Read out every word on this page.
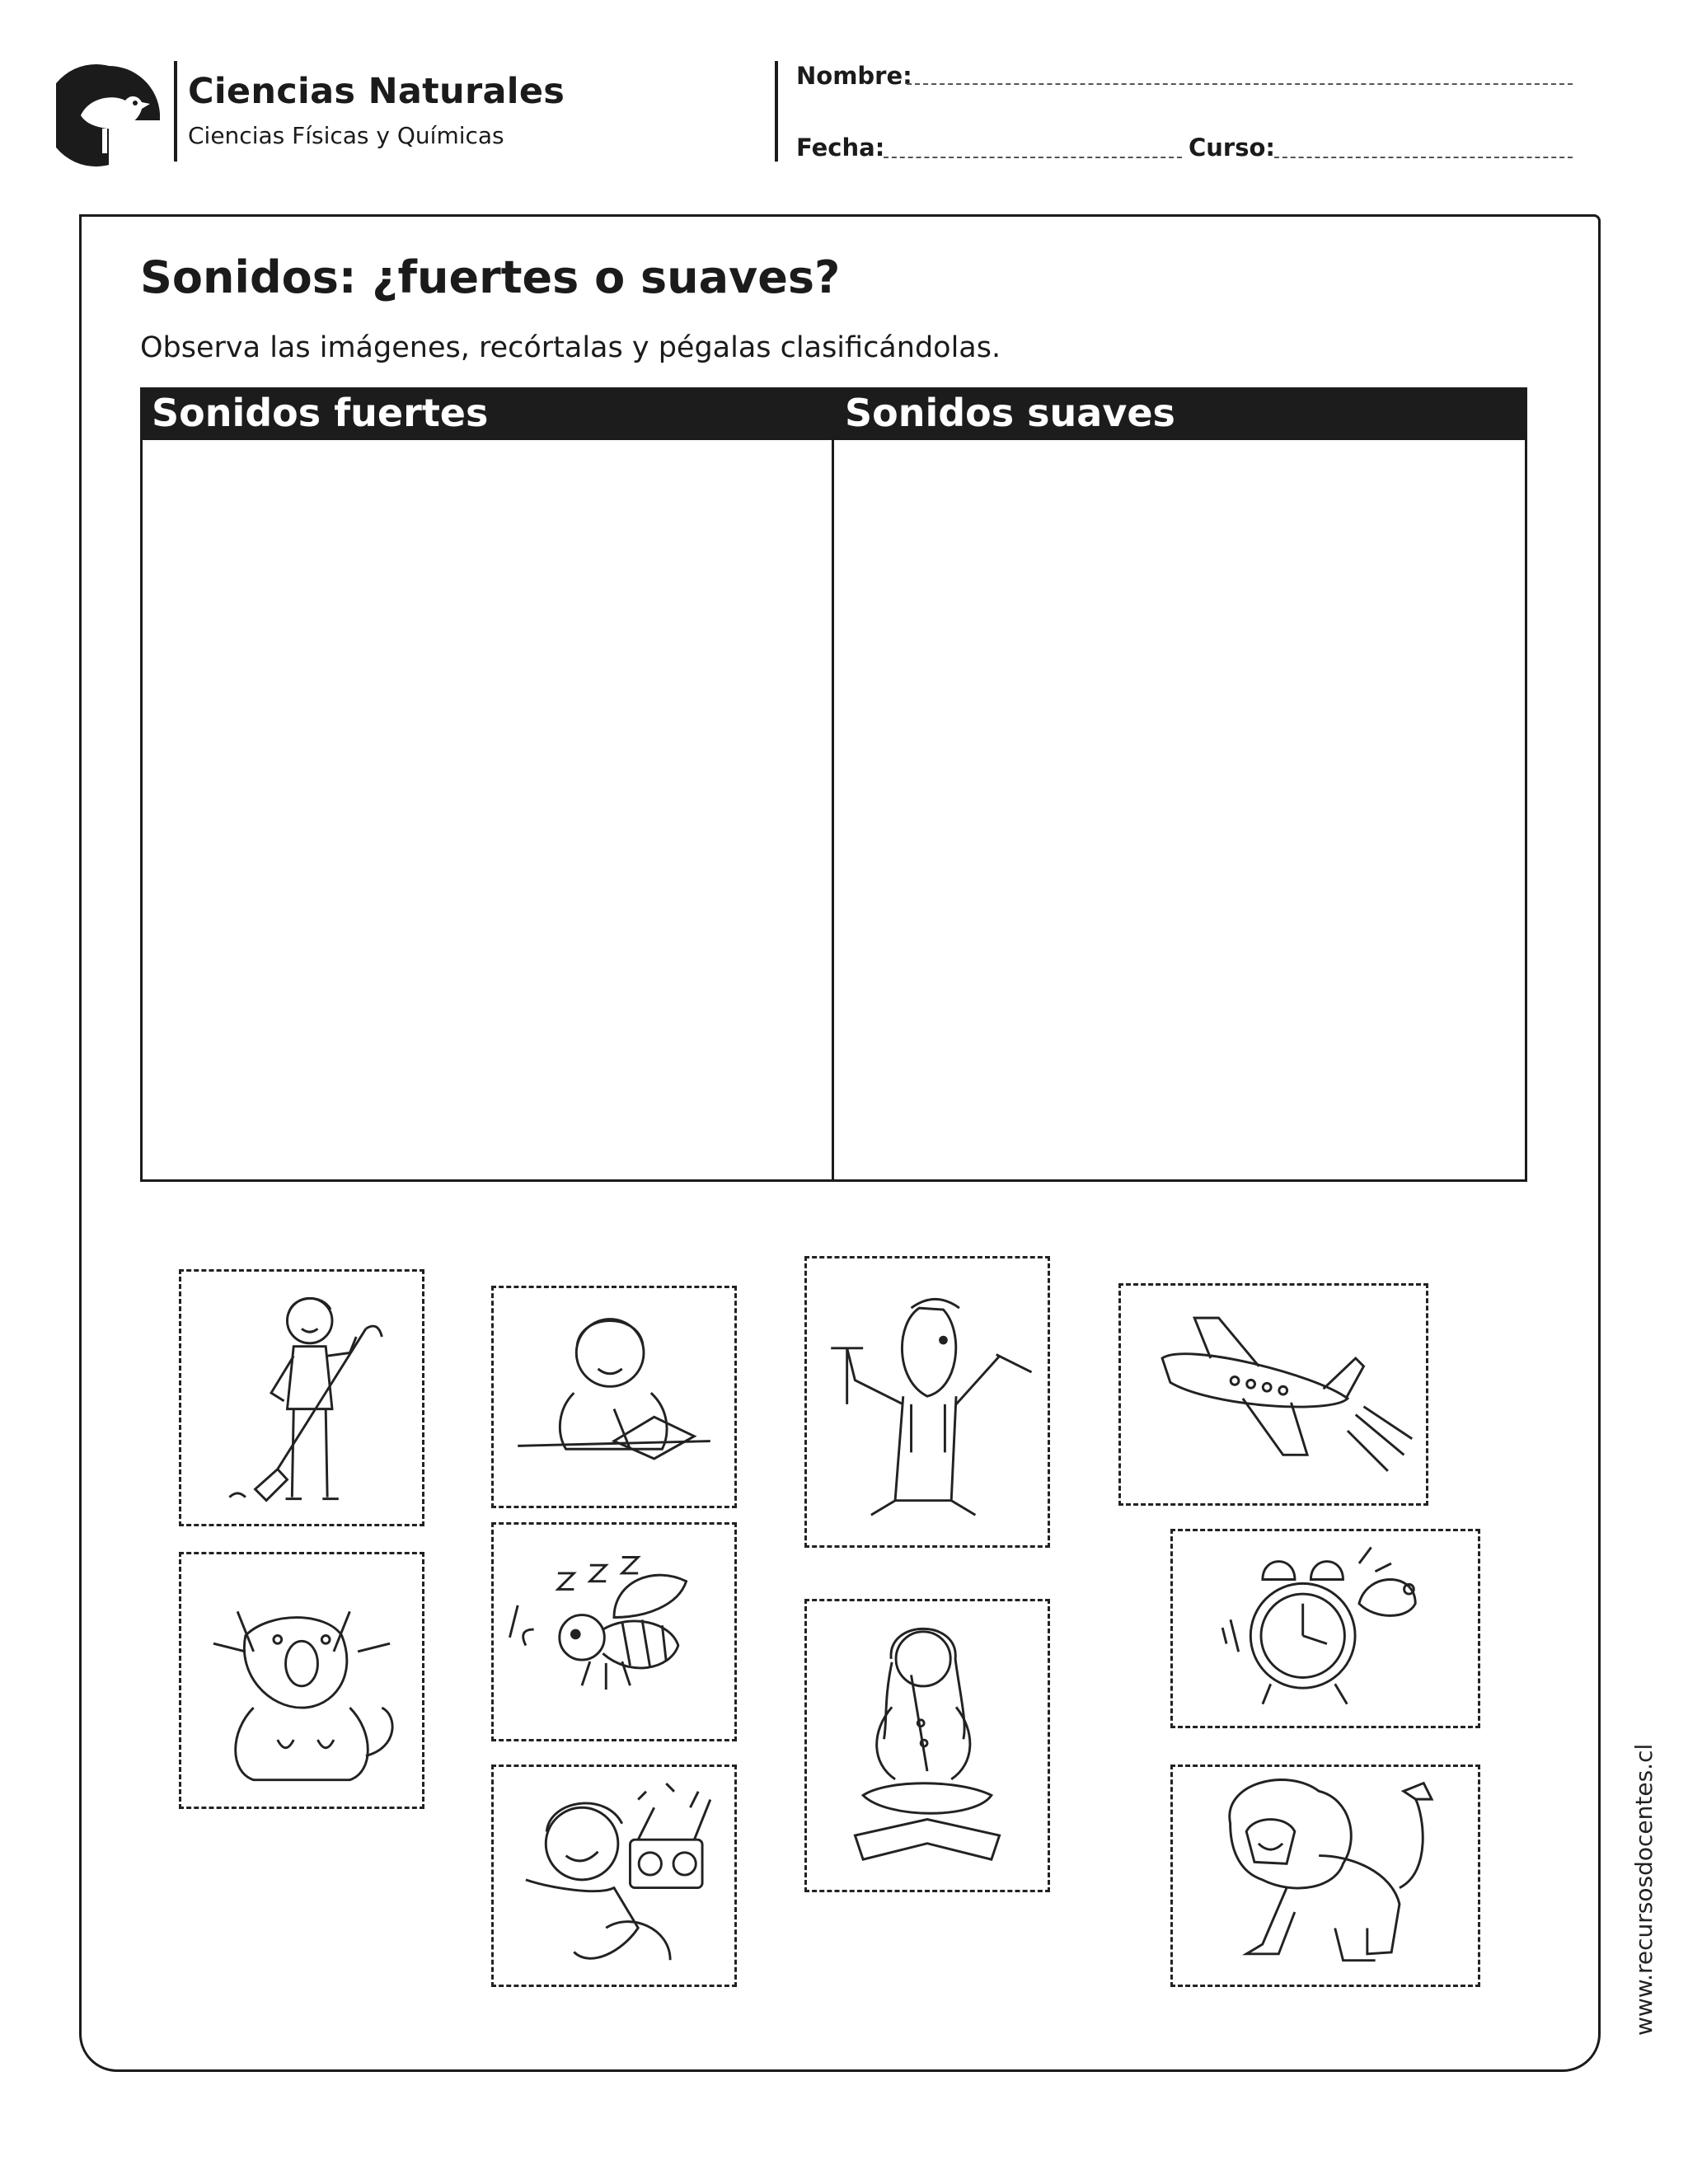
Ciencias Naturales
Ciencias Físicas y Químicas
Nombre:
Fecha:	Curso:
Sonidos: ¿fuertes o suaves?
Observa las imágenes, recórtalas y pégalas clasificándolas.
Sonidos fuertes	Sonidos suaves
www.recursosdocentes.cl
